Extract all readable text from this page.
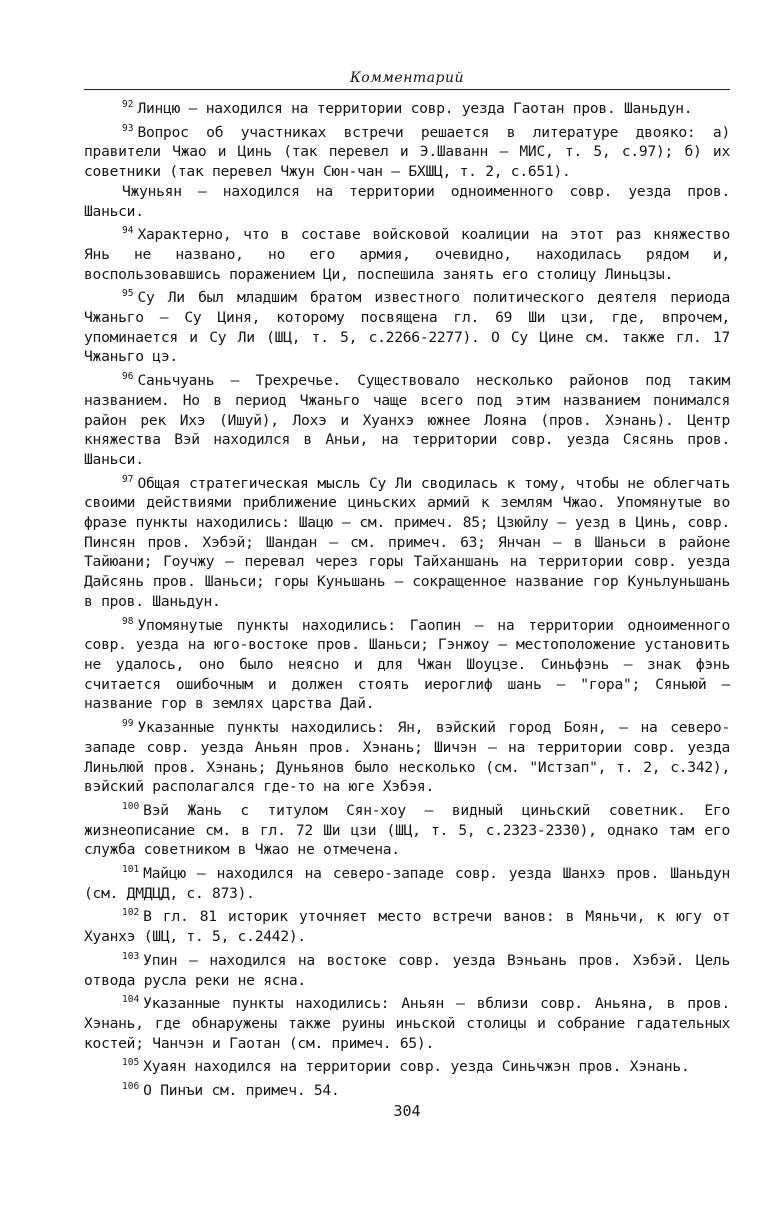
Комментарий

$^{92}$ Линцю — находился на территории совр. уезда Гаотан пров. Шаньдун.

$^{93}$ Вопрос об участниках встречи решается в литературе двояко: а) правители Чжао и Цинь (так перевел и Э.Шаванн — МИС, т. 5, с.97); б) их советники (так перевел Чжун Сюн-чан — БХШЦ, т. 2, с.651).

Чжуньян — находился на территории одноименного совр. уезда пров. Шаньси.

$^{94}$ Характерно, что в составе войсковой коалиции на этот раз княжество Янь не названо, но его армия, очевидно, находилась рядом и, воспользовавшись поражением Ци, поспешила занять его столицу Линьцзы.

$^{95}$ Су Ли был младшим братом известного политического деятеля периода Чжаньго — Су Циня, которому посвящена гл. 69 Ши цзи, где, впрочем, упоминается и Су Ли (ШЦ, т. 5, с.2266-2277). О Су Цине см. также гл. 17 Чжаньго цэ.

$^{96}$ Саньчуань — Трехречье. Существовало несколько районов под таким названием. Но в период Чжаньго чаще всего под этим названием понимался район рек Ихэ (Ишуй), Лохэ и Хуанхэ южнее Лояна (пров. Хэнань). Центр княжества Вэй находился в Аньи, на территории совр. уезда Сясянь пров. Шаньси.

$^{97}$ Общая стратегическая мысль Су Ли сводилась к тому, чтобы не облегчать своими действиями приближение циньских армий к землям Чжао. Упомянутые во фразе пункты находились: Шацю — см. примеч. 85; Цзюйлу — уезд в Цинь, совр. Пинсян пров. Хэбэй; Шандан — см. примеч. 63; Янчан — в Шаньси в районе Тайюани; Гоучжу — перевал через горы Тайханшань на территории совр. уезда Дайсянь пров. Шаньси; горы Куньшань — сокращенное название гор Куньлуньшань в пров. Шаньдун.

$^{98}$ Упомянутые пункты находились: Гаопин — на территории одноименного совр. уезда на юго-востоке пров. Шаньси; Гэнжоу — местоположение установить не удалось, оно было неясно и для Чжан Шоуцзе. Синьфэнь — знак фэнь считается ошибочным и должен стоять иероглиф шань — "гора"; Сяньюй — название гор в землях царства Дай.

$^{99}$ Указанные пункты находились: Ян, вэйский город Боян, — на северо-западе совр. уезда Аньян пров. Хэнань; Шичэн — на территории совр. уезда Линьлюй пров. Хэнань; Дуньянов было несколько (см. "Истзап", т. 2, с.342), вэйский располагался где-то на юге Хэбэя.

$^{100}$ Вэй Жань с титулом Сян-хоу — видный циньский советник. Его жизнеописание см. в гл. 72 Ши цзи (ШЦ, т. 5, с.2323-2330), однако там его служба советником в Чжао не отмечена.

$^{101}$ Майцю — находился на северо-западе совр. уезда Шанхэ пров. Шаньдун (см. ДМДЦД, с. 873).

$^{102}$ В гл. 81 историк уточняет место встречи ванов: в Мяньчи, к югу от Хуанхэ (ШЦ, т. 5, с.2442).

$^{103}$ Упин — находился на востоке совр. уезда Вэньань пров. Хэбэй. Цель отвода русла реки не ясна.

$^{104}$ Указанные пункты находились: Аньян — вблизи совр. Аньяна, в пров. Хэнань, где обнаружены также руины иньской столицы и собрание гадательных костей; Чанчэн и Гаотан (см. примеч. 65).

$^{105}$ Хуаян находился на территории совр. уезда Синьчжэн пров. Хэнань.

$^{106}$ О Пинъи см. примеч. 54.

304
